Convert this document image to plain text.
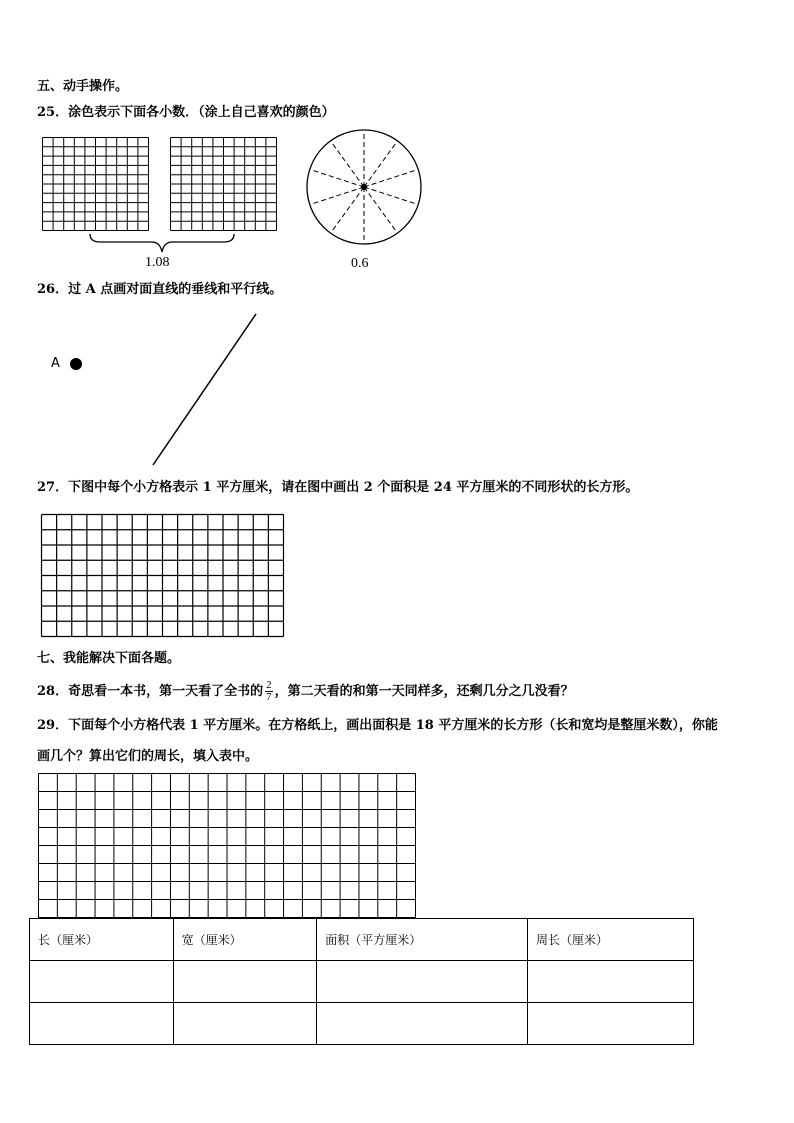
五、动手操作。
25．涂色表示下面各小数．（涂上自己喜欢的颜色）
1.08	0.6
26．过 A 点画对面直线的垂线和平行线。
A
27．下图中每个小方格表示 1 平方厘米，请在图中画出 2 个面积是 24 平方厘米的不同形状的长方形。
七、我能解决下面各题。
28．奇思看一本书，第一天看了全书的 $\frac{2}{7}$ ，第二天看的和第一天同样多，还剩几分之几没看？
29．下面每个小方格代表 1 平方厘米。在方格纸上，画出面积是 18 平方厘米的长方形（长和宽均是整厘米数），你能
画几个？算出它们的周长，填入表中。
长（厘米）	宽（厘米）	面积（平方厘米）	周长（厘米）
